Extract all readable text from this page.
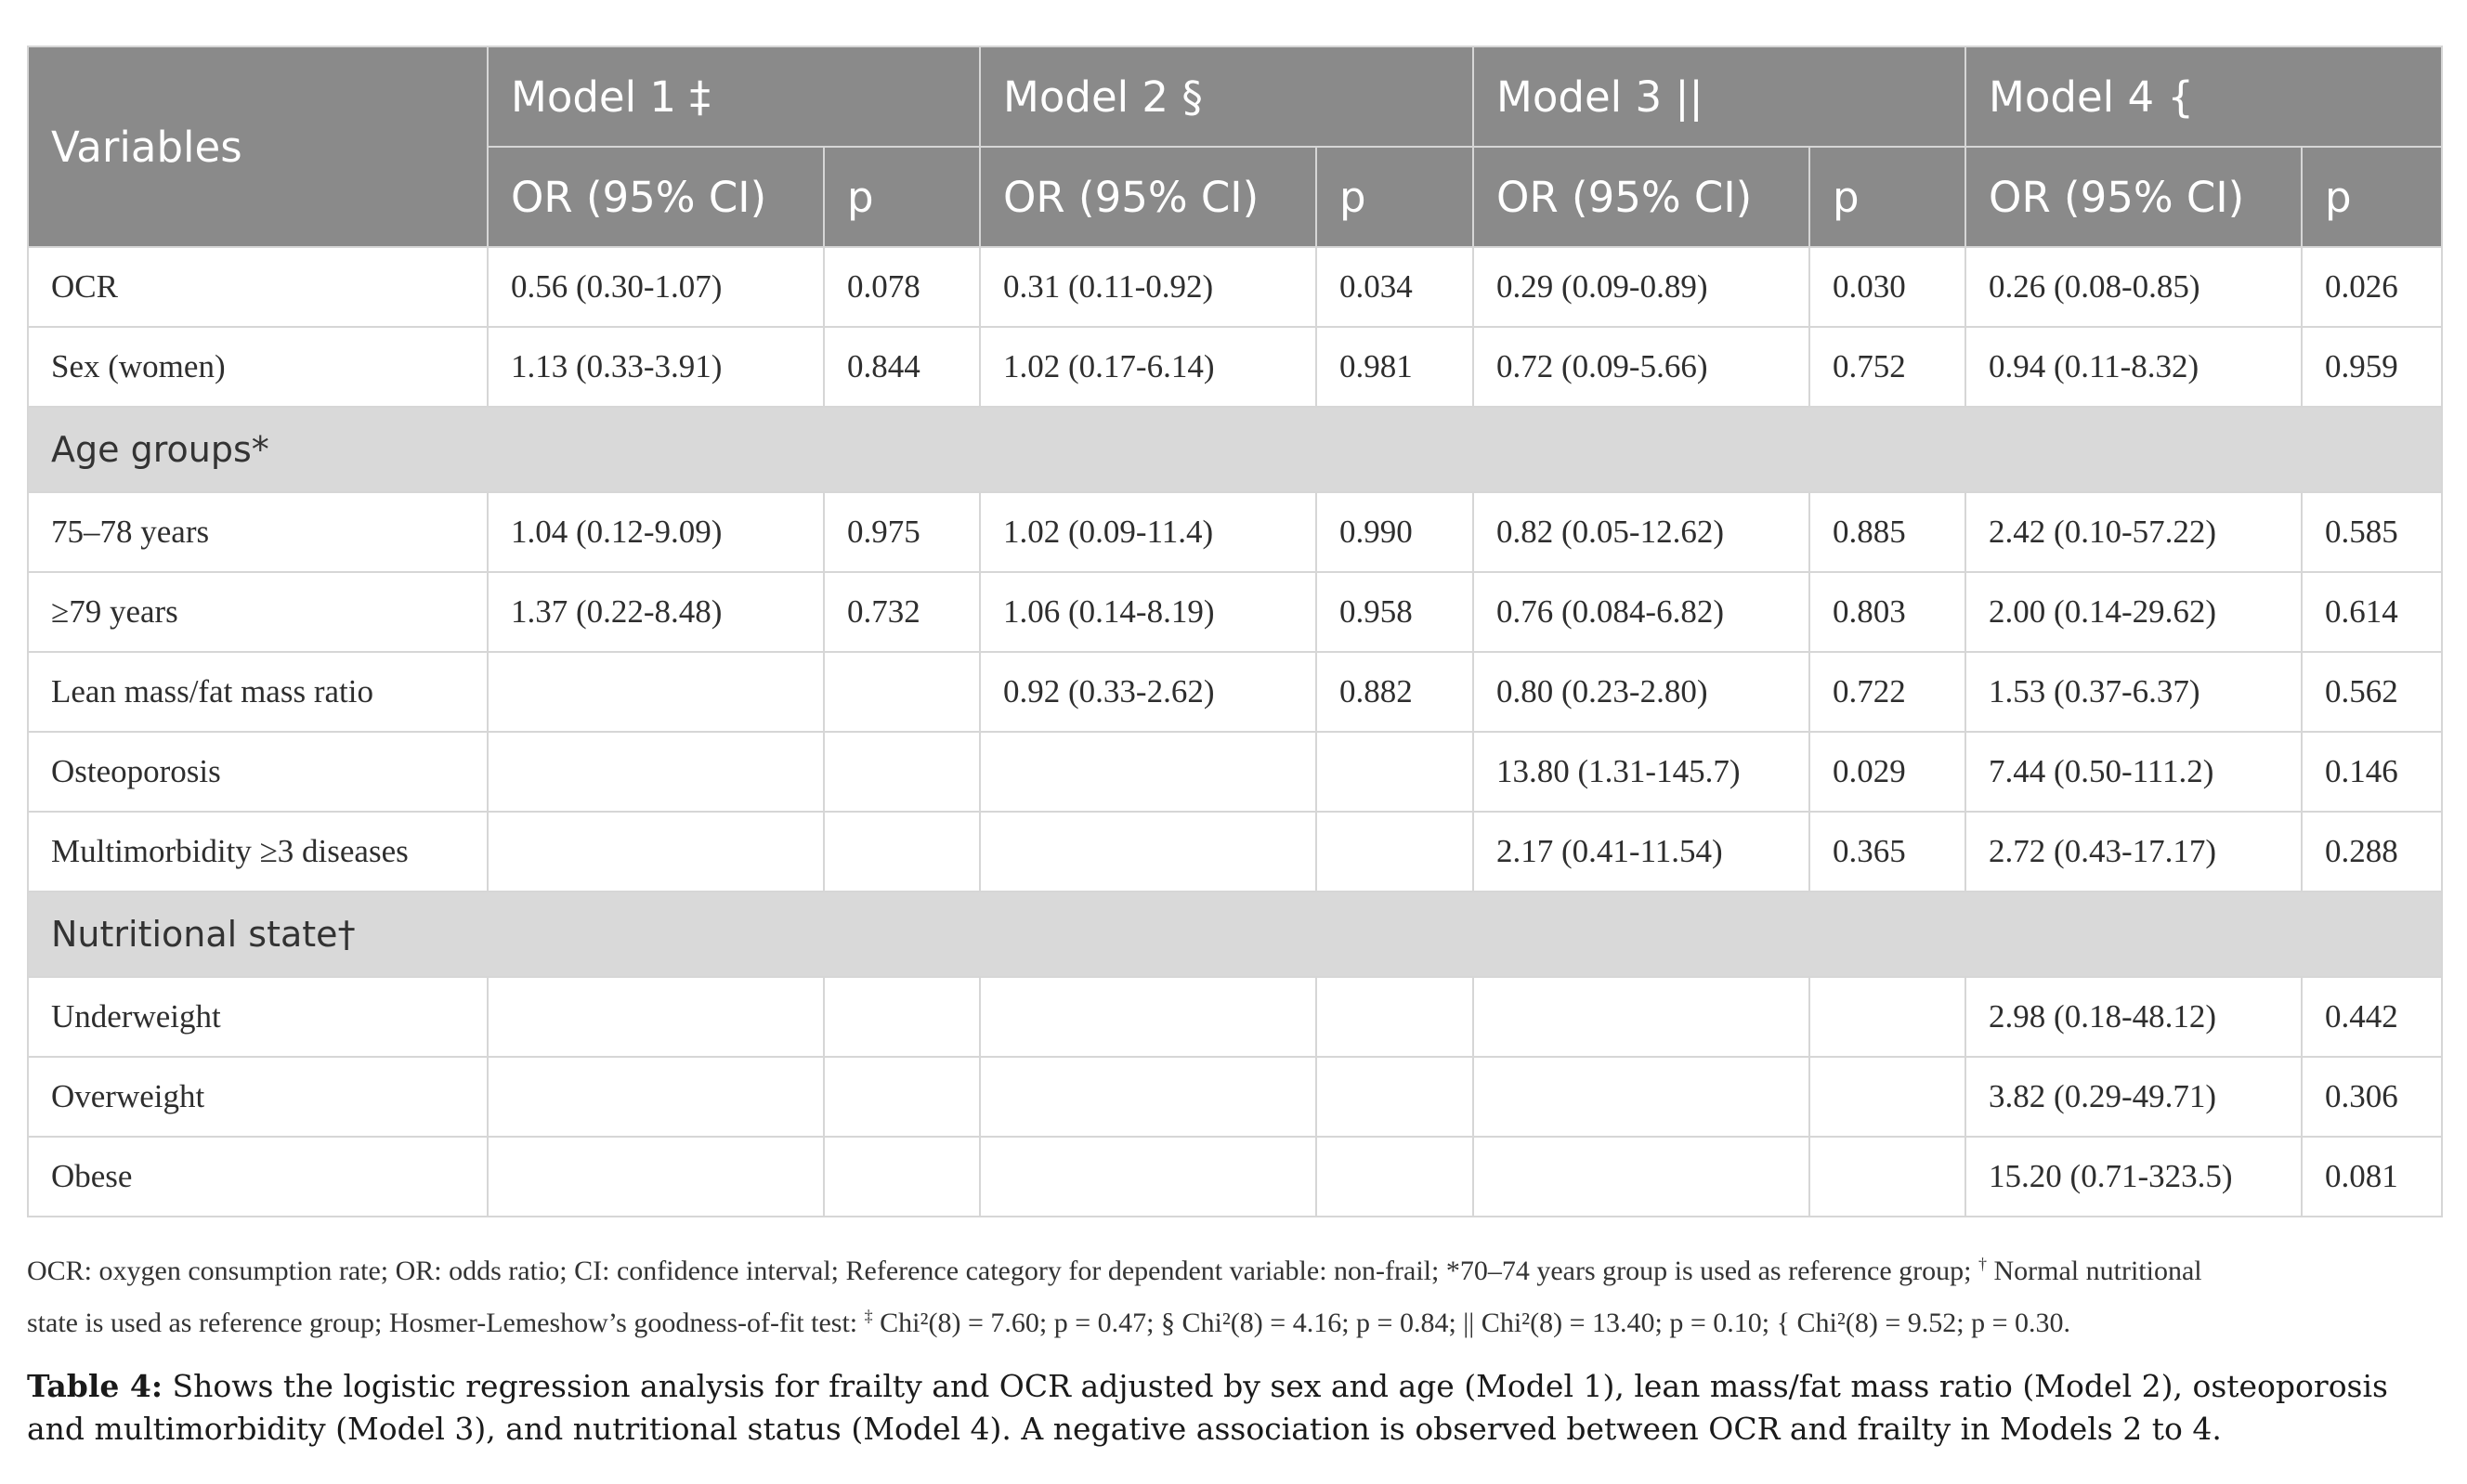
Variables	Model 1 ‡		Model 2 §		Model 3 ||		Model 4 {	
	OR (95% CI)	p	OR (95% CI)	p	OR (95% CI)	p	OR (95% CI)	p
OCR	0.56 (0.30-1.07)	0.078	0.31 (0.11-0.92)	0.034	0.29 (0.09-0.89)	0.030	0.26 (0.08-0.85)	0.026
Sex (women)	1.13 (0.33-3.91)	0.844	1.02 (0.17-6.14)	0.981	0.72 (0.09-5.66)	0.752	0.94 (0.11-8.32)	0.959
Age groups*								
75–78 years	1.04 (0.12-9.09)	0.975	1.02 (0.09-11.4)	0.990	0.82 (0.05-12.62)	0.885	2.42 (0.10-57.22)	0.585
≥79 years	1.37 (0.22-8.48)	0.732	1.06 (0.14-8.19)	0.958	0.76 (0.084-6.82)	0.803	2.00 (0.14-29.62)	0.614
Lean mass/fat mass ratio			0.92 (0.33-2.62)	0.882	0.80 (0.23-2.80)	0.722	1.53 (0.37-6.37)	0.562
Osteoporosis					13.80 (1.31-145.7)	0.029	7.44 (0.50-111.2)	0.146
Multimorbidity ≥3 diseases					2.17 (0.41-11.54)	0.365	2.72 (0.43-17.17)	0.288
Nutritional state†								
Underweight							2.98 (0.18-48.12)	0.442
Overweight							3.82 (0.29-49.71)	0.306
Obese							15.20 (0.71-323.5)	0.081
OCR: oxygen consumption rate; OR: odds ratio; CI: confidence interval; Reference category for dependent variable: non-frail; *70–74 years group is used as reference group; † Normal nutritional
state is used as reference group; Hosmer-Lemeshow’s goodness-of-fit test: ‡ Chi²(8) = 7.60; p = 0.47; § Chi²(8) = 4.16; p = 0.84; || Chi²(8) = 13.40; p = 0.10; { Chi²(8) = 9.52; p = 0.30.
Table 4: Shows the logistic regression analysis for frailty and OCR adjusted by sex and age (Model 1), lean mass/fat mass ratio (Model 2), osteoporosis and multimorbidity (Model 3), and nutritional status (Model 4). A negative association is observed between OCR and frailty in Models 2 to 4.
